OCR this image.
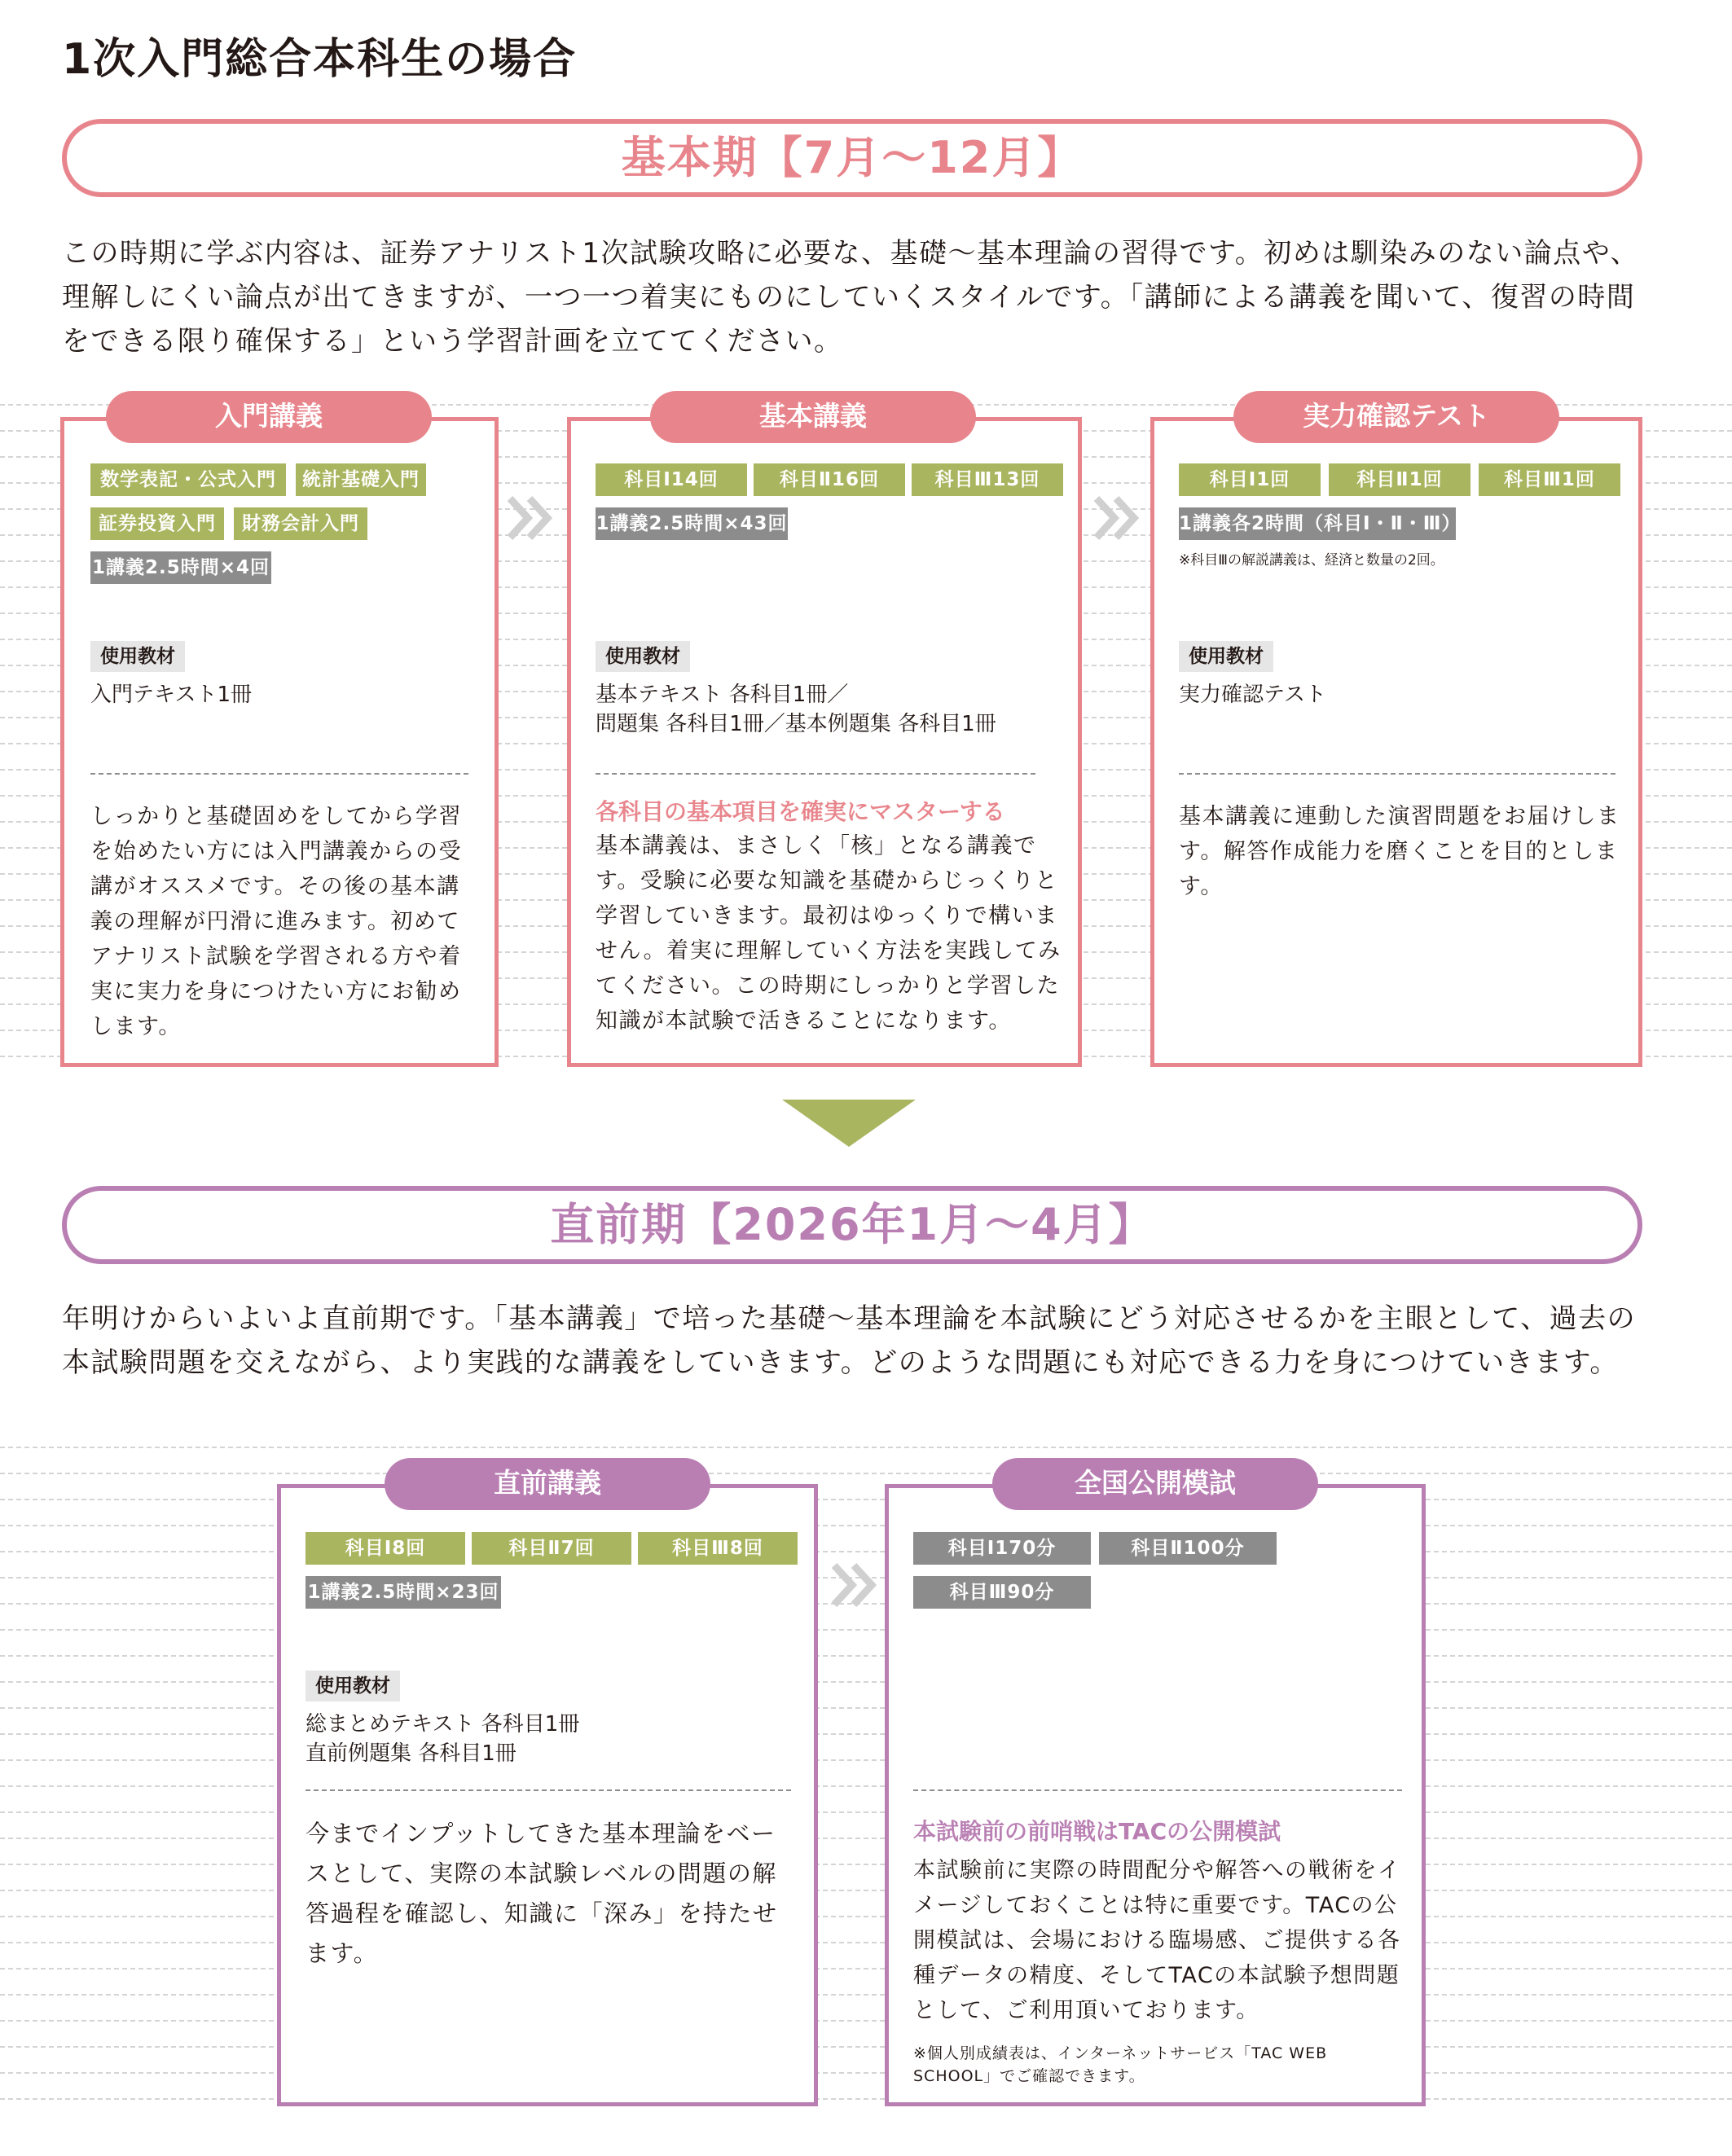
1次入門総合本科生の場合
基本期【7月～12月】

この時期に学ぶ内容は、証券アナリスト1次試験攻略に必要な、基礎～基本理論の習得です。初めは馴染みのない論点や、理解しにくい論点が出てきますが、一つ一つ着実にものにしていくスタイルです。「講師による講義を聞いて、復習の時間をできる限り確保する」という学習計画を立ててください。

入門講義
数学表記・公式入門	統計基礎入門
証券投資入門	財務会計入門
1講義2.5時間×4回
使用教材
入門テキスト1冊

しっかりと基礎固めをしてから学習を始めたい方には入門講義からの受講がオススメです。その後の基本講義の理解が円滑に進みます。初めてアナリスト試験を学習される方や着実に実力を身につけたい方にお勧めします。

基本講義
科目Ⅰ14回	科目Ⅱ16回	科目Ⅲ13回
1講義2.5時間×43回
使用教材
基本テキスト 各科目1冊／
問題集 各科目1冊／基本例題集 各科目1冊
各科目の基本項目を確実にマスターする

基本講義は、まさしく「核」となる講義です。受験に必要な知識を基礎からじっくりと学習していきます。最初はゆっくりで構いません。着実に理解していく方法を実践してみてください。この時期にしっかりと学習した知識が本試験で活きることになります。

実力確認テスト
科目Ⅰ1回	科目Ⅱ1回	科目Ⅲ1回
1講義各2時間（科目Ⅰ・Ⅱ・Ⅲ）
※科目Ⅲの解説講義は、経済と数量の2回。
使用教材
実力確認テスト

基本講義に連動した演習問題をお届けします。解答作成能力を磨くことを目的とします。

直前期【2026年1月～4月】

年明けからいよいよ直前期です。「基本講義」で培った基礎～基本理論を本試験にどう対応させるかを主眼として、過去の本試験問題を交えながら、より実践的な講義をしていきます。どのような問題にも対応できる力を身につけていきます。

直前講義
科目Ⅰ8回	科目Ⅱ7回	科目Ⅲ8回
1講義2.5時間×23回
使用教材
総まとめテキスト 各科目1冊
直前例題集 各科目1冊

今までインプットしてきた基本理論をベースとして、実際の本試験レベルの問題の解答過程を確認し、知識に「深み」を持たせます。

全国公開模試
科目Ⅰ170分	科目Ⅱ100分
科目Ⅲ90分
本試験前の前哨戦はTACの公開模試

本試験前に実際の時間配分や解答への戦術をイメージしておくことは特に重要です。TACの公開模試は、会場における臨場感、ご提供する各種データの精度、そしてTACの本試験予想問題として、ご利用頂いております。

※個人別成績表は、インターネットサービス「TAC WEB SCHOOL」でご確認できます。
